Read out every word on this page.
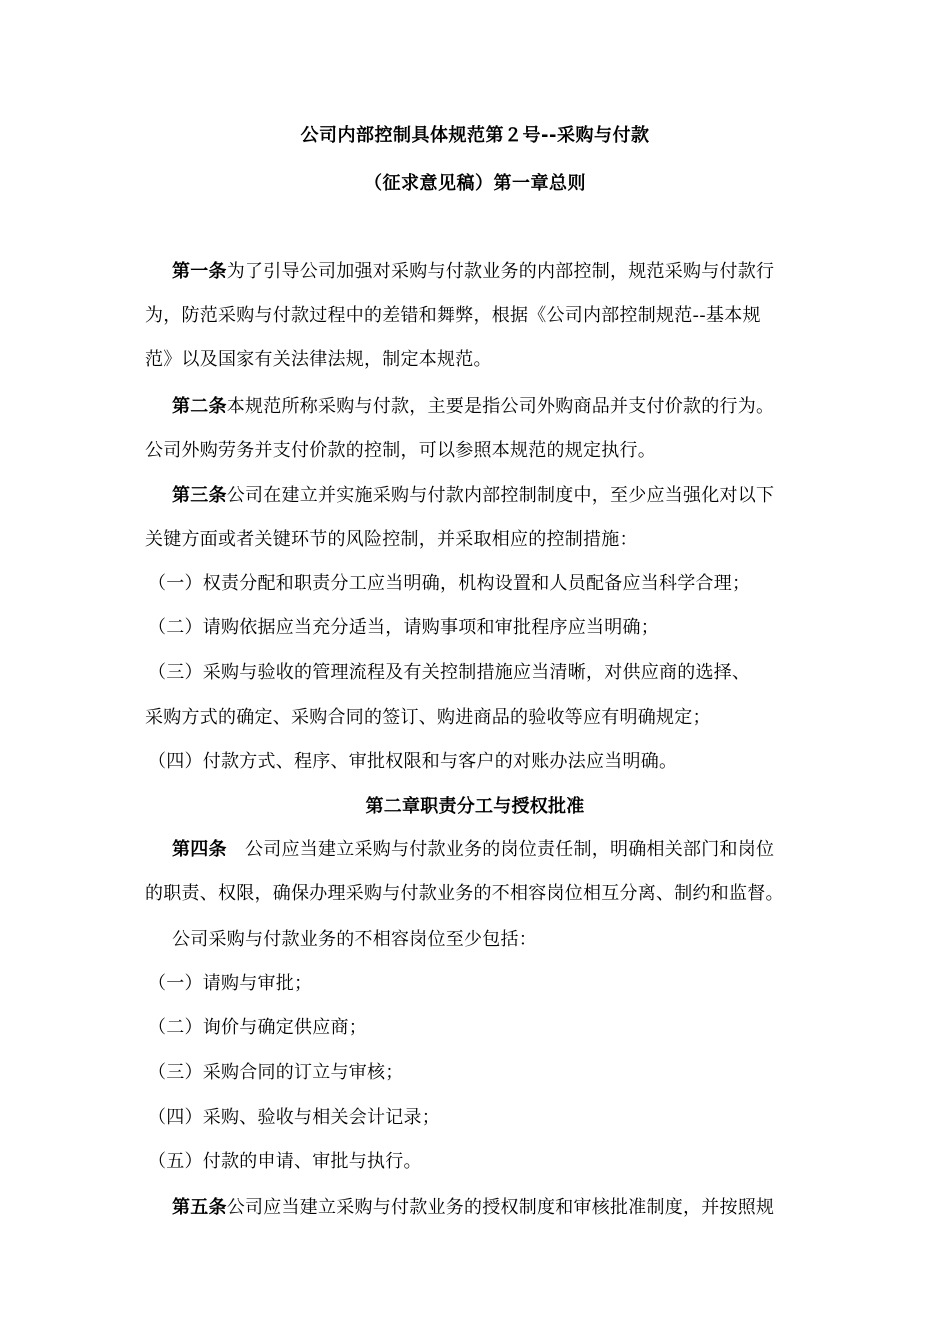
公司内部控制具体规范第２号--采购与付款
（征求意见稿）第一章总则
第一条为了引导公司加强对采购与付款业务的内部控制，规范采购与付款行
为，防范采购与付款过程中的差错和舞弊，根据《公司内部控制规范--基本规
范》以及国家有关法律法规，制定本规范。
第二条本规范所称采购与付款，主要是指公司外购商品并支付价款的行为。
公司外购劳务并支付价款的控制，可以参照本规范的规定执行。
第三条公司在建立并实施采购与付款内部控制制度中，至少应当强化对以下
关键方面或者关键环节的风险控制，并采取相应的控制措施：
（一）权责分配和职责分工应当明确，机构设置和人员配备应当科学合理；
（二）请购依据应当充分适当，请购事项和审批程序应当明确；
（三）采购与验收的管理流程及有关控制措施应当清晰，对供应商的选择、
采购方式的确定、采购合同的签订、购进商品的验收等应有明确规定；
（四）付款方式、程序、审批权限和与客户的对账办法应当明确。
第二章职责分工与授权批准
第四条　公司应当建立采购与付款业务的岗位责任制，明确相关部门和岗位
的职责、权限，确保办理采购与付款业务的不相容岗位相互分离、制约和监督。
公司采购与付款业务的不相容岗位至少包括：
（一）请购与审批；
（二）询价与确定供应商；
（三）采购合同的订立与审核；
（四）采购、验收与相关会计记录；
（五）付款的申请、审批与执行。
第五条公司应当建立采购与付款业务的授权制度和审核批准制度，并按照规
